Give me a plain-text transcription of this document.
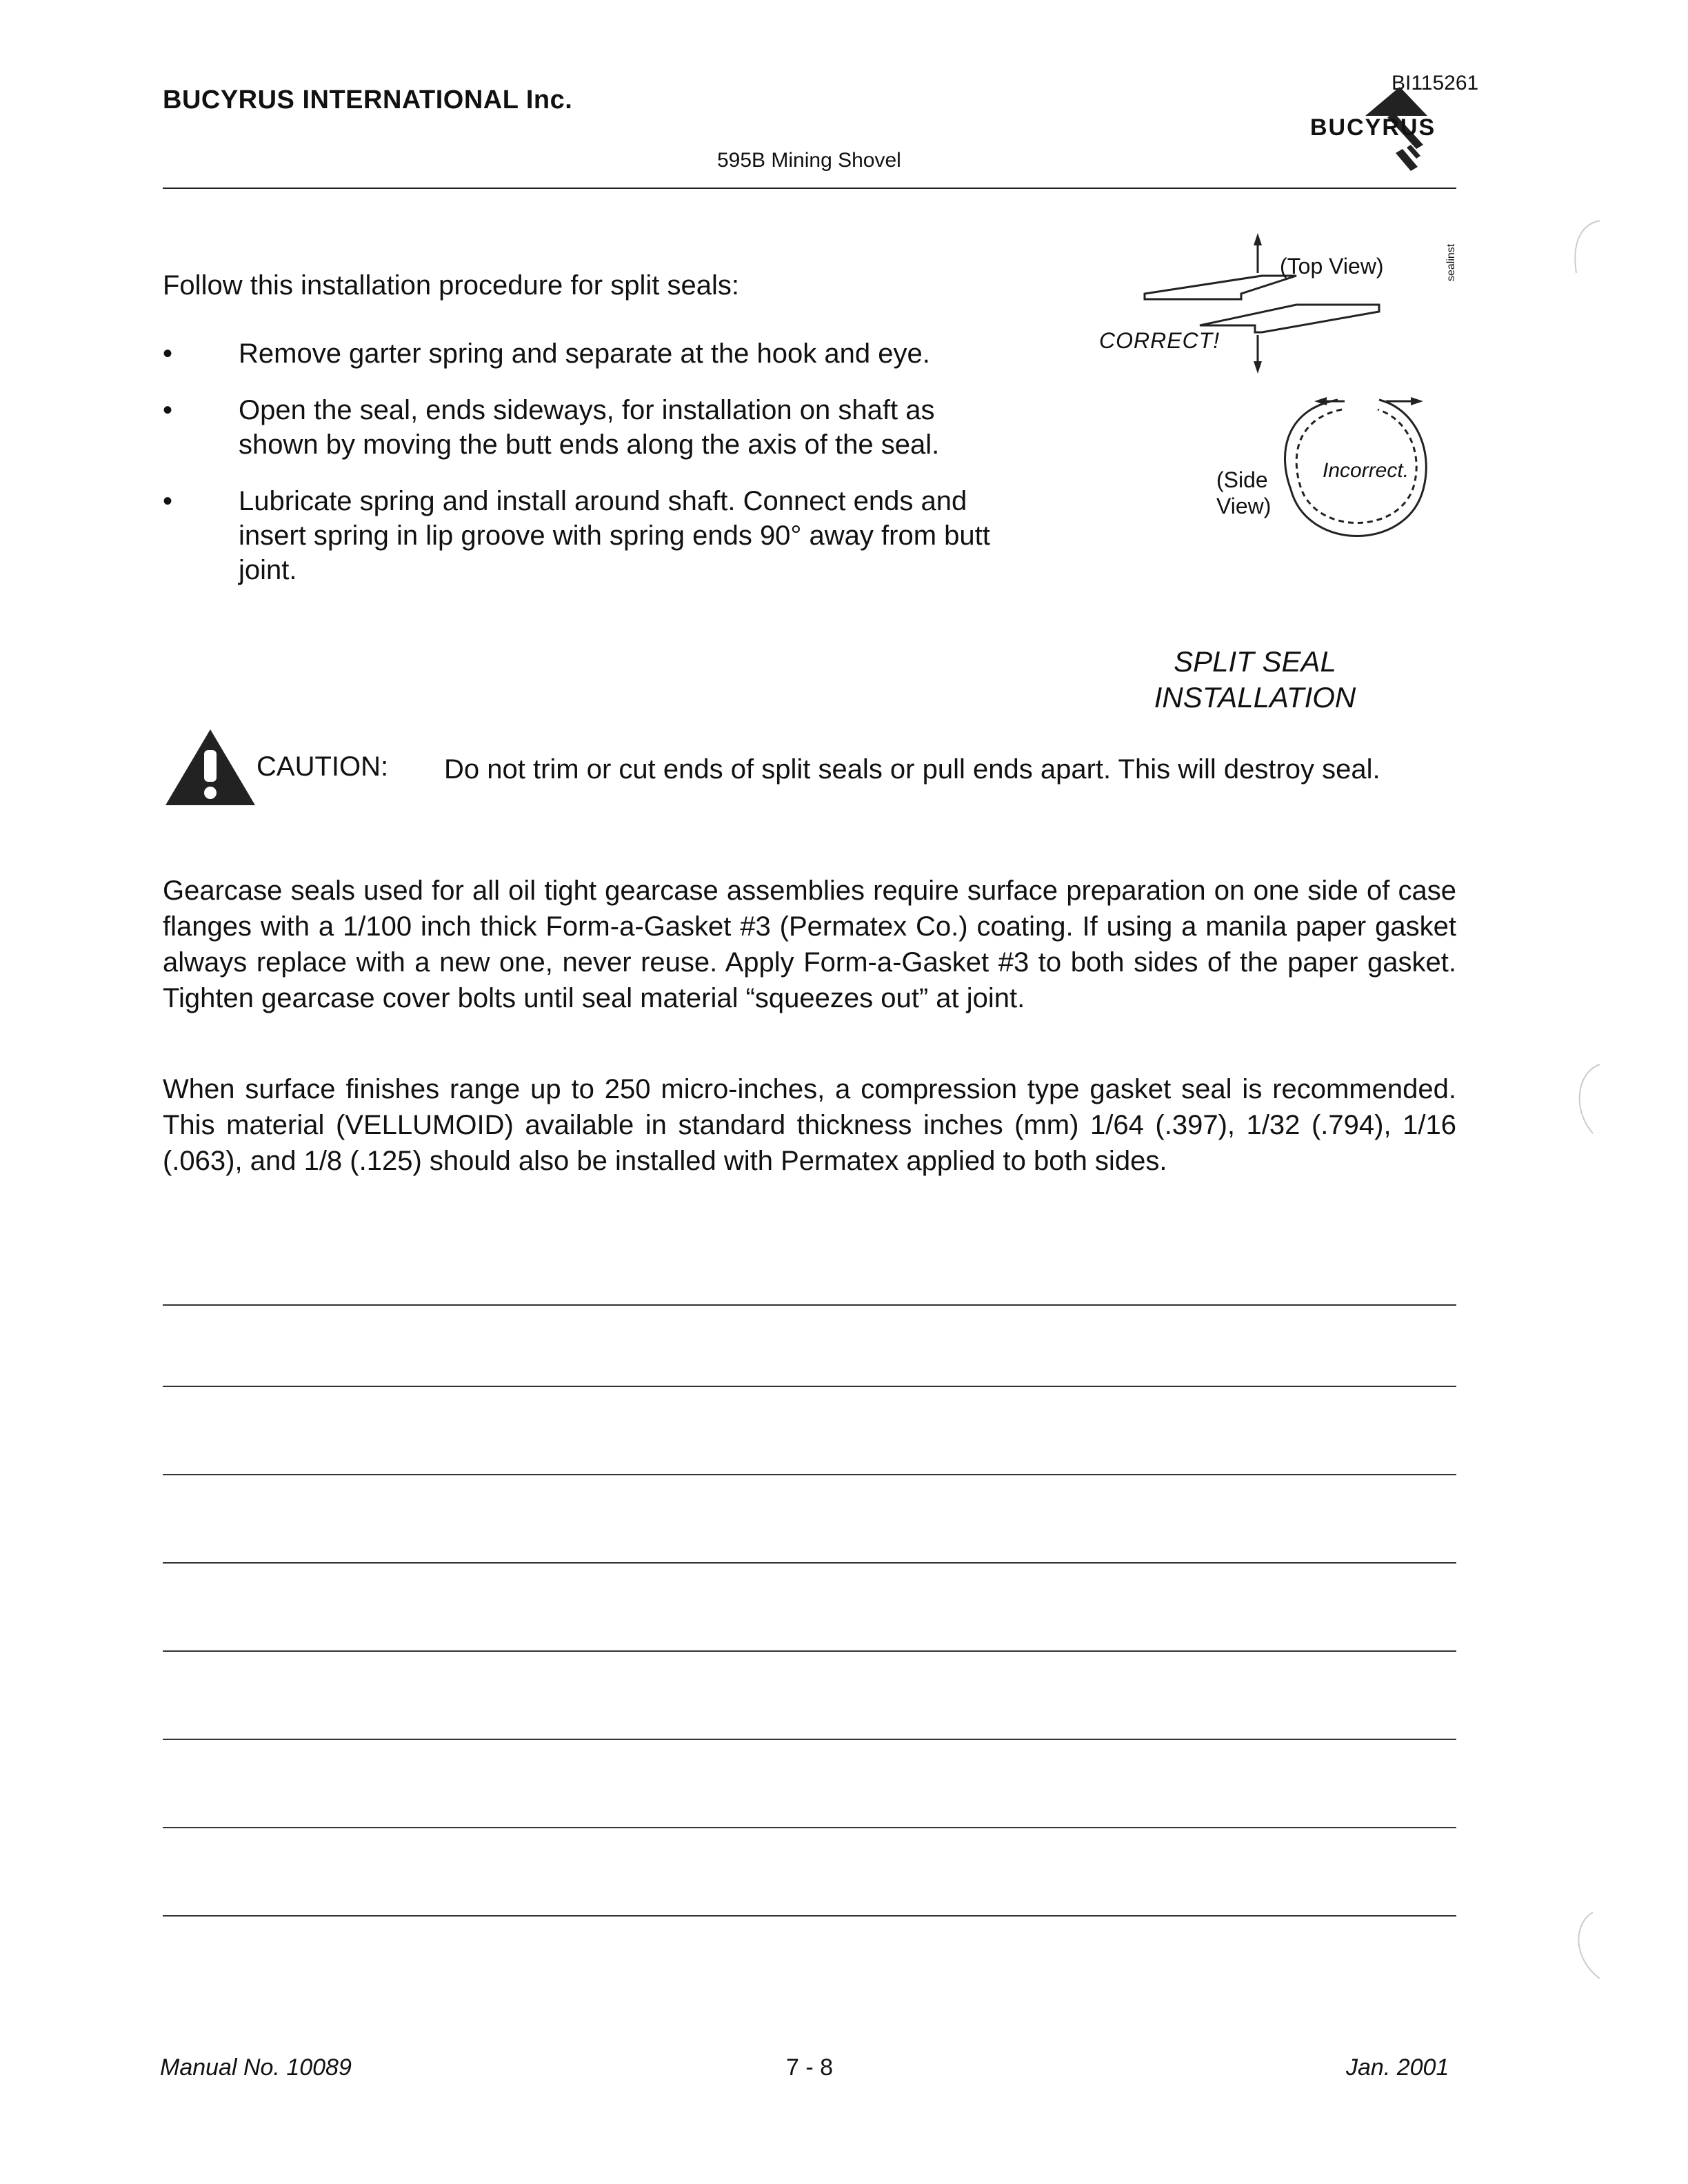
BUCYRUS INTERNATIONAL Inc.
BI115261
BUCYRUS
595B Mining Shovel
Follow this installation procedure for split seals:
• Remove garter spring and separate at the hook and eye.
• Open the seal, ends sideways, for installation on shaft as shown by moving the butt ends along the axis of the seal.
• Lubricate spring and install around shaft. Connect ends and insert spring in lip groove with spring ends 90° away from butt joint.
(Top View)
CORRECT!
(Side
View)
Incorrect.
sealinst
SPLIT SEAL
INSTALLATION
CAUTION: Do not trim or cut ends of split seals or pull ends apart. This will destroy seal.
Gearcase seals used for all oil tight gearcase assemblies require surface preparation on one side of case flanges with a 1/100 inch thick Form-a-Gasket #3 (Permatex Co.) coating. If using a manila paper gasket always replace with a new one, never reuse. Apply Form-a-Gasket #3 to both sides of the paper gasket. Tighten gearcase cover bolts until seal material “squeezes out” at joint.
When surface finishes range up to 250 micro-inches, a compression type gasket seal is recommended. This material (VELLUMOID) available in standard thickness inches (mm) 1/64 (.397), 1/32 (.794), 1/16 (.063), and 1/8 (.125) should also be installed with Permatex applied to both sides.
Manual No. 10089	7 - 8	Jan. 2001
